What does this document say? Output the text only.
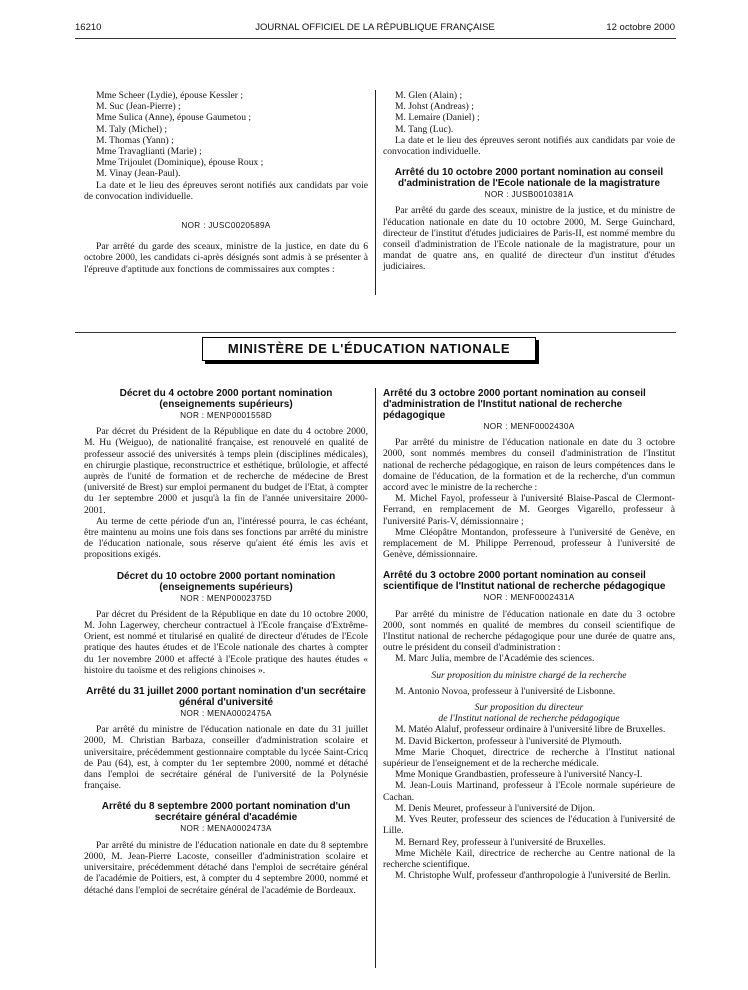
16210	JOURNAL OFFICIEL DE LA RÉPUBLIQUE FRANÇAISE	12 octobre 2000

Mme Scheer (Lydie), épouse Kessler ;

M. Suc (Jean-Pierre) ;

Mme Sulica (Anne), épouse Gaumetou ;

M. Taly (Michel) ;

M. Thomas (Yann) ;

Mme Travaglianti (Marie) ;

Mme Trijoulet (Dominique), épouse Roux ;

M. Vinay (Jean-Paul).

La date et le lieu des épreuves seront notifiés aux candidats par voie de convocation individuelle.

NOR : JUSC0020589A

Par arrêté du garde des sceaux, ministre de la justice, en date du 6 octobre 2000, les candidats ci-après désignés sont admis à se présenter à l'épreuve d'aptitude aux fonctions de commissaires aux comptes :

M. Glen (Alain) ;

M. Johst (Andreas) ;

M. Lemaire (Daniel) ;

M. Tang (Luc).

La date et le lieu des épreuves seront notifiés aux candidats par voie de convocation individuelle.

Arrêté du 10 octobre 2000 portant nomination au conseil d'administration de l'Ecole nationale de la magistrature

NOR : JUSB0010381A

Par arrêté du garde des sceaux, ministre de la justice, et du ministre de l'éducation nationale en date du 10 octobre 2000, M. Serge Guinchard, directeur de l'institut d'études judiciaires de Paris-II, est nommé membre du conseil d'administration de l'Ecole nationale de la magistrature, pour un mandat de quatre ans, en qualité de directeur d'un institut d'études judiciaires.

MINISTÈRE DE L'ÉDUCATION NATIONALE

Décret du 4 octobre 2000 portant nomination (enseignements supérieurs)

NOR : MENP0001558D

Par décret du Président de la République en date du 4 octobre 2000, M. Hu (Weiguo), de nationalité française, est renouvelé en qualité de professeur associé des universités à temps plein (disciplines médicales), en chirurgie plastique, reconstructrice et esthétique, brûlologie, et affecté auprès de l'unité de formation et de recherche de médecine de Brest (université de Brest) sur emploi permanent du budget de l'Etat, à compter du 1er septembre 2000 et jusqu'à la fin de l'année universitaire 2000-2001.

Au terme de cette période d'un an, l'intéressé pourra, le cas échéant, être maintenu au moins une fois dans ses fonctions par arrêté du ministre de l'éducation nationale, sous réserve qu'aient été émis les avis et propositions exigés.

Décret du 10 octobre 2000 portant nomination (enseignements supérieurs)

NOR : MENP0002375D

Par décret du Président de la République en date du 10 octobre 2000, M. John Lagerwey, chercheur contractuel à l'Ecole française d'Extrême-Orient, est nommé et titularisé en qualité de directeur d'études de l'Ecole pratique des hautes études et de l'Ecole nationale des chartes à compter du 1er novembre 2000 et affecté à l'Ecole pratique des hautes études « histoire du taoïsme et des religions chinoises ».

Arrêté du 31 juillet 2000 portant nomination d'un secrétaire général d'université

NOR : MENA0002475A

Par arrêté du ministre de l'éducation nationale en date du 31 juillet 2000, M. Christian Barbaza, conseiller d'administration scolaire et universitaire, précédemment gestionnaire comptable du lycée Saint-Cricq de Pau (64), est, à compter du 1er septembre 2000, nommé et détaché dans l'emploi de secrétaire général de l'université de la Polynésie française.

Arrêté du 8 septembre 2000 portant nomination d'un secrétaire général d'académie

NOR : MENA0002473A

Par arrêté du ministre de l'éducation nationale en date du 8 septembre 2000, M. Jean-Pierre Lacoste, conseiller d'administration scolaire et universitaire, précédemment détaché dans l'emploi de secrétaire général de l'académie de Poitiers, est, à compter du 4 septembre 2000, nommé et détaché dans l'emploi de secrétaire général de l'académie de Bordeaux.

Arrêté du 3 octobre 2000 portant nomination au conseil d'administration de l'Institut national de recherche pédagogique

NOR : MENF0002430A

Par arrêté du ministre de l'éducation nationale en date du 3 octobre 2000, sont nommés membres du conseil d'administration de l'Institut national de recherche pédagogique, en raison de leurs compétences dans le domaine de l'éducation, de la formation et de la recherche, d'un commun accord avec le ministre de la recherche :

M. Michel Fayol, professeur à l'université Blaise-Pascal de Clermont-Ferrand, en remplacement de M. Georges Vigarello, professeur à l'université Paris-V, démissionnaire ;

Mme Cléopâtre Montandon, professeure à l'université de Genève, en remplacement de M. Philippe Perrenoud, professeur à l'université de Genève, démissionnaire.

Arrêté du 3 octobre 2000 portant nomination au conseil scientifique de l'Institut national de recherche pédagogique

NOR : MENF0002431A

Par arrêté du ministre de l'éducation nationale en date du 3 octobre 2000, sont nommés en qualité de membres du conseil scientifique de l'Institut national de recherche pédagogique pour une durée de quatre ans, outre le président du conseil d'administration :

M. Marc Julia, membre de l'Académie des sciences.

Sur proposition du ministre chargé de la recherche

M. Antonio Novoa, professeur à l'université de Lisbonne.

Sur proposition du directeur

de l'Institut national de recherche pédagogique

M. Matéo Alaluf, professeur ordinaire à l'université libre de Bruxelles.

M. David Bickerton, professeur à l'université de Plymouth.

Mme Marie Choquet, directrice de recherche à l'Institut national supérieur de l'enseignement et de la recherche médicale.

Mme Monique Grandbastien, professeure à l'université Nancy-I.

M. Jean-Louis Martinand, professeur à l'Ecole normale supérieure de Cachan.

M. Denis Meuret, professeur à l'université de Dijon.

M. Yves Reuter, professeur des sciences de l'éducation à l'université de Lille.

M. Bernard Rey, professeur à l'université de Bruxelles.

Mme Michèle Kail, directrice de recherche au Centre national de la recherche scientifique.

M. Christophe Wulf, professeur d'anthropologie à l'université de Berlin.
